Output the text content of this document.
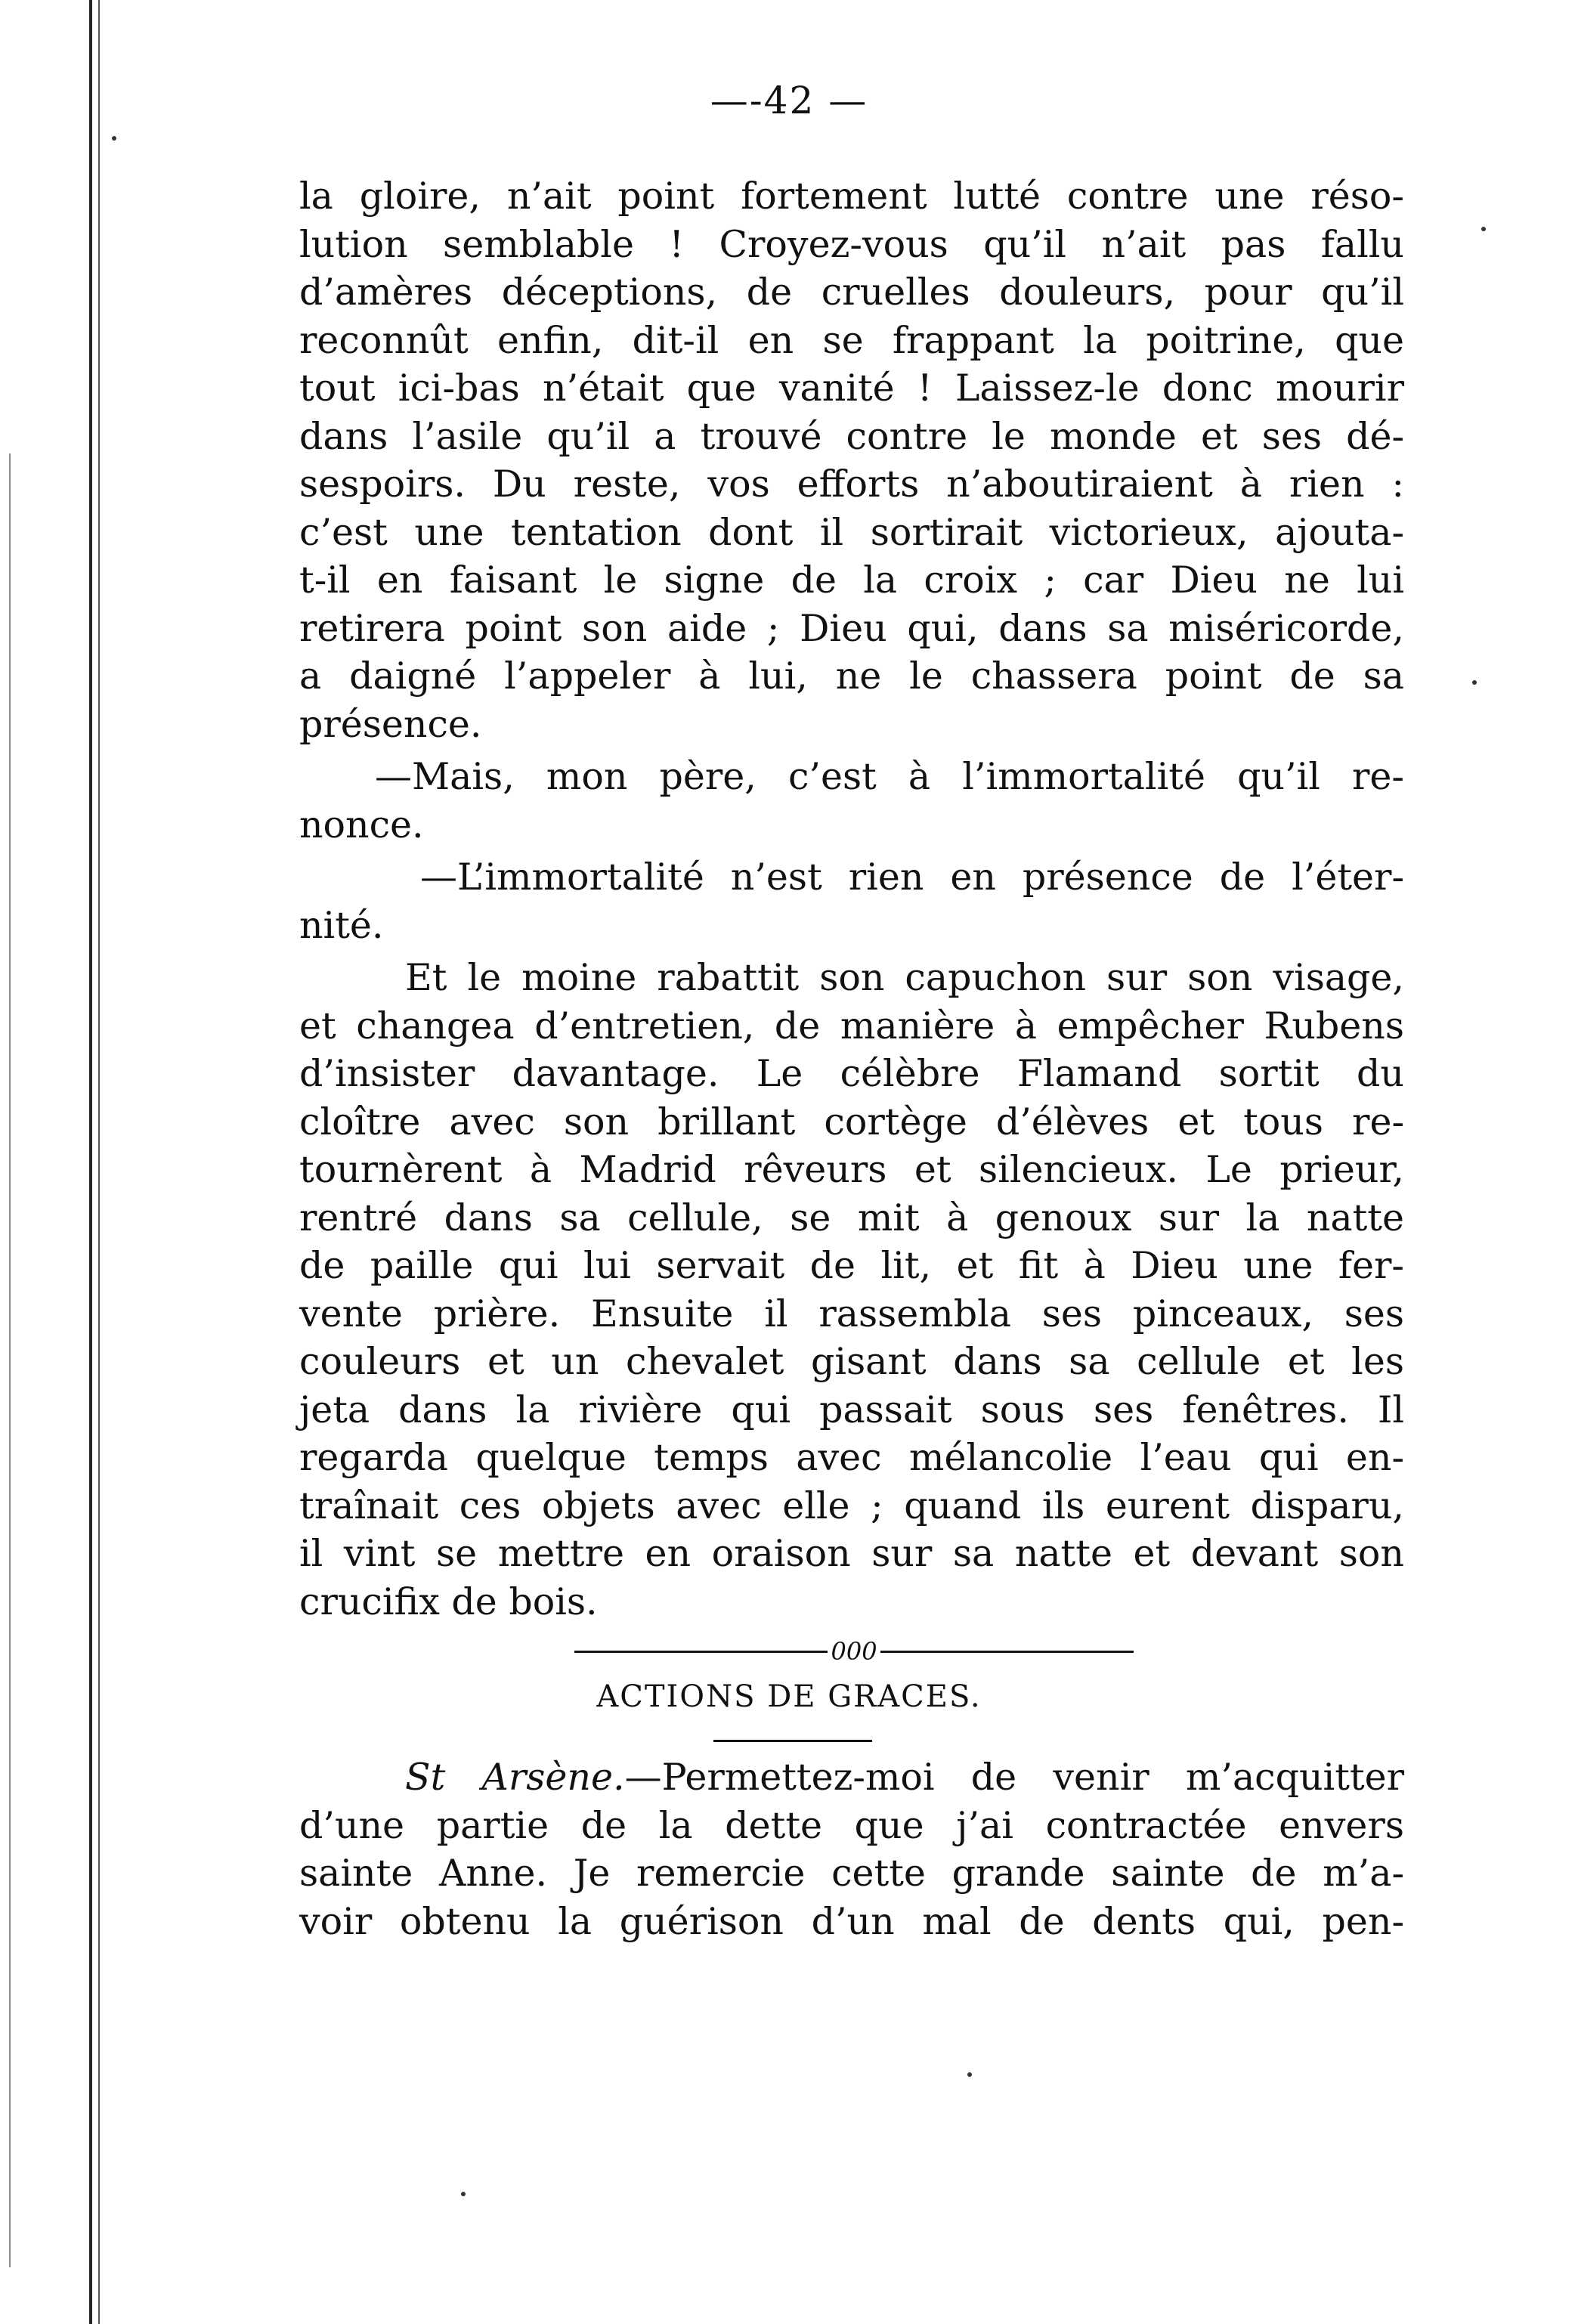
—‑42 —
la gloire, n’ait point fortement lutté contre une réso-
lution semblable ! Croyez-vous qu’il n’ait pas fallu
d’amères déceptions, de cruelles douleurs, pour qu’il
reconnût enfin, dit-il en se frappant la poitrine, que
tout ici-bas n’était que vanité ! Laissez-le donc mourir
dans l’asile qu’il a trouvé contre le monde et ses dé-
sespoirs. Du reste, vos efforts n’aboutiraient à rien :
c’est une tentation dont il sortirait victorieux, ajouta-
t-il en faisant le signe de la croix ; car Dieu ne lui
retirera point son aide ; Dieu qui, dans sa miséricorde,
a daigné l’appeler à lui, ne le chassera point de sa
présence.
—Mais, mon père, c’est à l’immortalité qu’il re-
nonce.
—L’immortalité n’est rien en présence de l’éter-
nité.
Et le moine rabattit son capuchon sur son visage,
et changea d’entretien, de manière à empêcher Rubens
d’insister davantage. Le célèbre Flamand sortit du
cloître avec son brillant cortège d’élèves et tous re-
tournèrent à Madrid rêveurs et silencieux. Le prieur,
rentré dans sa cellule, se mit à genoux sur la natte
de paille qui lui servait de lit, et fit à Dieu une fer-
vente prière. Ensuite il rassembla ses pinceaux, ses
couleurs et un chevalet gisant dans sa cellule et les
jeta dans la rivière qui passait sous ses fenêtres. Il
regarda quelque temps avec mélancolie l’eau qui en-
traînait ces objets avec elle ; quand ils eurent disparu,
il vint se mettre en oraison sur sa natte et devant son
crucifix de bois.
000
ACTIONS DE GRACES.
St Arsène.—Permettez-moi de venir m’acquitter
d’une partie de la dette que j’ai contractée envers
sainte Anne. Je remercie cette grande sainte de m’a-
voir obtenu la guérison d’un mal de dents qui, pen-
